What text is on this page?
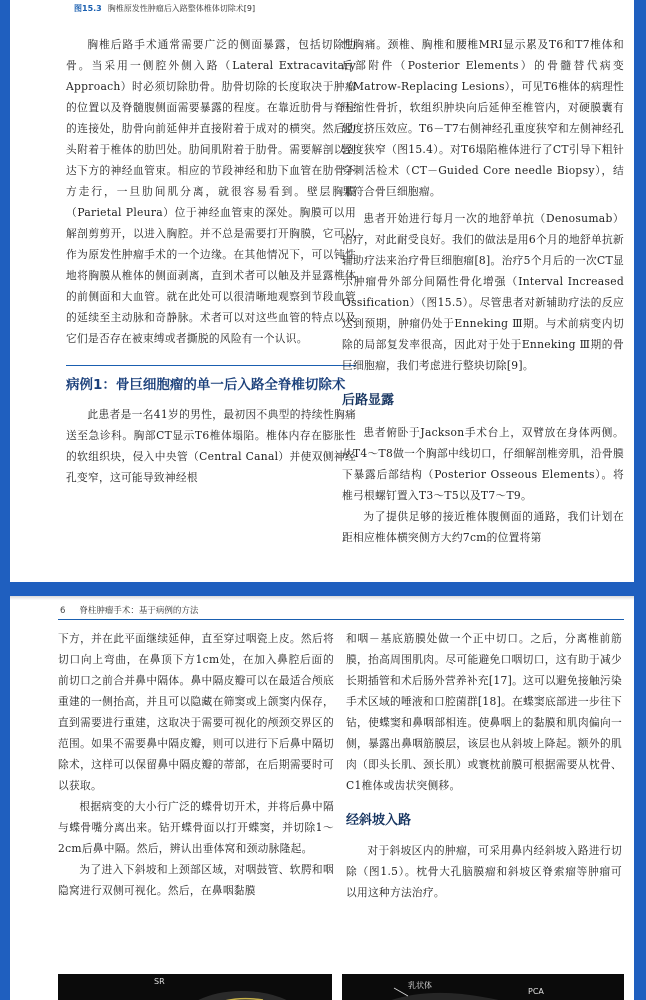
图15.3 胸椎原发性肿瘤后入路整体椎体切除术[9]

胸椎后路手术通常需要广泛的侧面暴露，包括切除肋骨。当采用一侧腔外侧入路（Lateral Extracavitary Approach）时必须切除肋骨。肋骨切除的长度取决于肿瘤的位置以及脊髓腹侧面需要暴露的程度。在靠近肋骨与脊柱的连接处，肋骨向前延伸并直接附着于成对的横突。然后肋头附着于椎体的肋凹处。肋间肌附着于肋骨。需要解剖以到达下方的神经血管束。相应的节段神经和肋下血管在肋骨下方走行，一旦肋间肌分离，就很容易看到。壁层胸膜（Parietal Pleura）位于神经血管束的深处。胸膜可以用解剖剪剪开，以进入胸腔。并不总是需要打开胸膜，它可以作为原发性肿瘤手术的一个边缘。在其他情况下，可以钝性地将胸膜从椎体的侧面剥离，直到术者可以触及并显露椎体的前侧面和大血管。就在此处可以很清晰地观察到节段血管的延续至主动脉和奇静脉。术者可以对这些血管的特点以及它们是否存在被束缚或者撕脱的风险有一个认识。

病例1：骨巨细胞瘤的单一后入路全脊椎切除术

此患者是一名41岁的男性，最初因不典型的持续性胸痛送至急诊科。胸部CT显示T6椎体塌陷。椎体内存在膨胀性的软组织块，侵入中央管（Central Canal）并使双侧神经孔变窄，这可能导致神经根

性胸痛。颈椎、胸椎和腰椎MRI显示累及T6和T7椎体和后部附件（Posterior Elements）的骨髓替代病变（Matrow-Replacing Lesions），可见T6椎体的病理性压缩性骨折，软组织肿块向后延伸至椎管内，对硬膜囊有轻度挤压效应。T6－T7右侧神经孔重度狭窄和左侧神经孔轻度狭窄（图15.4）。对T6塌陷椎体进行了CT引导下粗针穿刺活检术（CT－Guided Core needle Biopsy），结果符合骨巨细胞瘤。

患者开始进行每月一次的地舒单抗（Denosumab）治疗，对此耐受良好。我们的做法是用6个月的地舒单抗新辅助疗法来治疗骨巨细胞瘤[8]。治疗5个月后的一次CT显示肿瘤骨外部分间隔性骨化增强（Interval Increased Ossification）（图15.5）。尽管患者对新辅助疗法的反应达到预期，肿瘤仍处于Enneking Ⅲ期。与术前病变内切除的局部复发率很高，因此对于处于Enneking Ⅲ期的骨巨细胞瘤，我们考虑进行整块切除[9]。

后路显露

患者俯卧于Jackson手术台上，双臂放在身体两侧。从T4～T8做一个胸部中线切口，仔细解剖椎旁肌，沿骨膜下暴露后部结构（Posterior Osseous Elements）。将椎弓根螺钉置入T3～T5以及T7～T9。

为了提供足够的接近椎体腹侧面的通路，我们计划在距相应椎体横突侧方大约7cm的位置将第

6 脊柱肿瘤手术：基于病例的方法

下方，并在此平面继续延伸，直至穿过咽瓷上皮。然后将切口向上弯曲，在鼻顶下方1cm处，在加入鼻腔后面的前切口之前合并鼻中隔体。鼻中隔皮瓣可以在最适合颅底重建的一侧抬高，并且可以隐藏在筛窦或上颌窦内保存，直到需要进行重建，这取决于需要可视化的颅颈交界区的范围。如果不需要鼻中隔皮瓣，则可以进行下后鼻中隔切除术，这样可以保留鼻中隔皮瓣的蒂部，在后期需要时可以获取。

根据病变的大小行广泛的蝶骨切开术，并将后鼻中隔与蝶骨嘴分离出来。钻开蝶骨面以打开蝶窦，并切除1～2cm后鼻中隔。然后，辨认出垂体窝和颈动脉隆起。

为了进入下斜坡和上颈部区域，对咽鼓管、软腭和咽隐窝进行双侧可视化。然后，在鼻咽黏膜

和咽－基底筋膜处做一个正中切口。之后，分离椎前筋膜，抬高周围肌肉。尽可能避免口咽切口，这有助于减少长期插管和术后肠外营养补充[17]。这可以避免接触污染手术区域的唾液和口腔菌群[18]。在蝶窦底部进一步往下钻，使蝶窦和鼻咽部相连。使鼻咽上的黏膜和肌肉偏向一侧，暴露出鼻咽筋膜层，该层也从斜坡上降起。额外的肌肉（即头长肌、颈长肌）或寰枕前膜可根据需要从枕骨、C1椎体或齿状突侧移。

经斜坡入路

对于斜坡区内的肿瘤，可采用鼻内经斜坡入路进行切除（图1.5）。枕骨大孔脑膜瘤和斜坡区脊索瘤等肿瘤可以用这种方法治疗。

SR	乳状体
PCA
